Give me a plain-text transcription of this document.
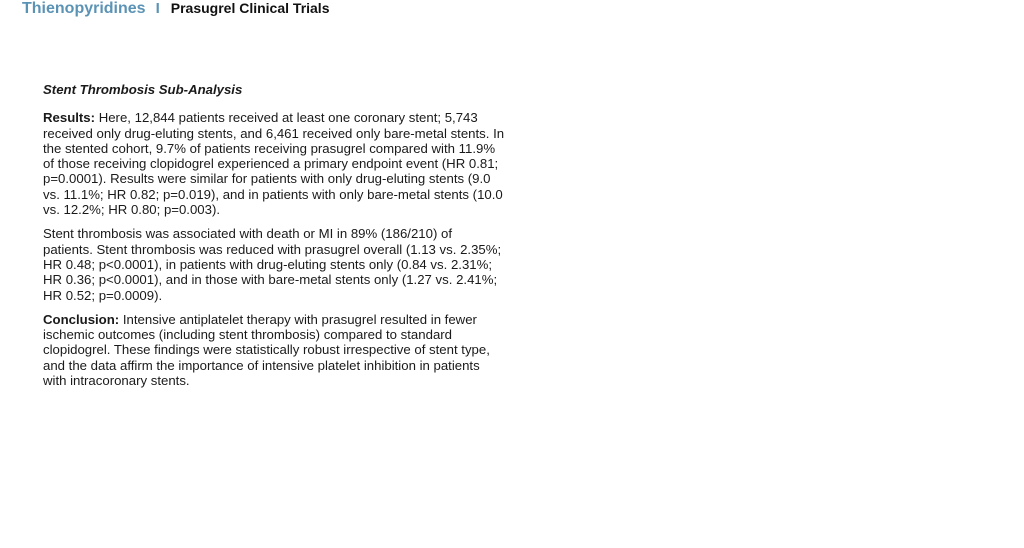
Thienopyridines I Prasugrel Clinical Trials
Stent Thrombosis Sub-Analysis

Results: Here, 12,844 patients received at least one coronary stent; 5,743 received only drug-eluting stents, and 6,461 received only bare-metal stents. In the stented cohort, 9.7% of patients receiving prasugrel compared with 11.9% of those receiving clopidogrel experienced a primary endpoint event (HR 0.81; p=0.0001). Results were similar for patients with only drug-eluting stents (9.0 vs. 11.1%; HR 0.82; p=0.019), and in patients with only bare-metal stents (10.0 vs. 12.2%; HR 0.80; p=0.003).

Stent thrombosis was associated with death or MI in 89% (186/210) of patients. Stent thrombosis was reduced with prasugrel overall (1.13 vs. 2.35%; HR 0.48; p<0.0001), in patients with drug-eluting stents only (0.84 vs. 2.31%; HR 0.36; p<0.0001), and in those with bare-metal stents only (1.27 vs. 2.41%; HR 0.52; p=0.0009).

Conclusion: Intensive antiplatelet therapy with prasugrel resulted in fewer ischemic outcomes (including stent thrombosis) compared to standard clopidogrel. These findings were statistically robust irrespective of stent type, and the data affirm the importance of intensive platelet inhibition in patients with intracoronary stents.
